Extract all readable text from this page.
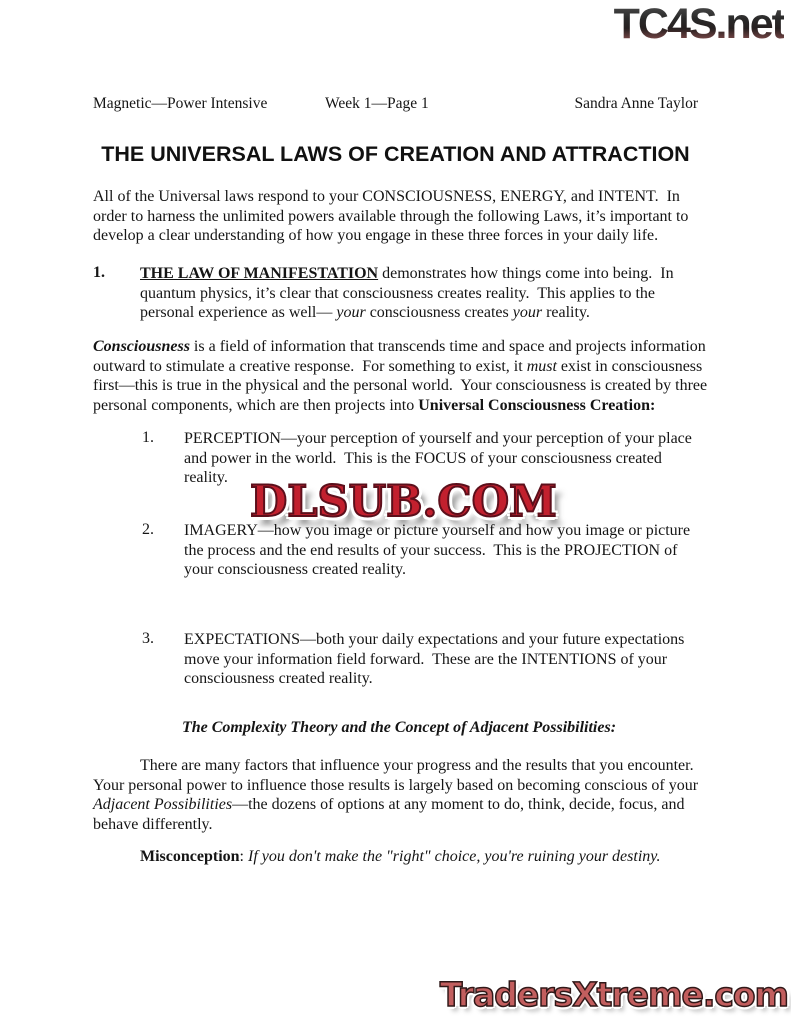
TC4S.net
Magnetic—Power Intensive	Week 1—Page 1	Sandra Anne Taylor
THE UNIVERSAL LAWS OF CREATION AND ATTRACTION

All of the Universal laws respond to your CONSCIOUSNESS, ENERGY, and INTENT.  In order to harness the unlimited powers available through the following Laws, it’s important to develop a clear understanding of how you engage in these three forces in your daily life.

THE LAW OF MANIFESTATION demonstrates how things come into being.  In quantum physics, it’s clear that consciousness creates reality.  This applies to the personal experience as well— your consciousness creates your reality.

1.

Consciousness is a field of information that transcends time and space and projects information outward to stimulate a creative response.  For something to exist, it must exist in consciousness first—this is true in the physical and the personal world.  Your consciousness is created by three personal components, which are then projects into Universal Consciousness Creation:

PERCEPTION—your perception of yourself and your perception of your place and power in the world.  This is the FOCUS of your consciousness created reality.

1.
DLSUB.COM

IMAGERY—how you image or picture yourself and how you image or picture the process and the end results of your success.  This is the PROJECTION of your consciousness created reality.

2.

EXPECTATIONS—both your daily expectations and your future expectations move your information field forward.  These are the INTENTIONS of your consciousness created reality.

3.
The Complexity Theory and the Concept of Adjacent Possibilities:

There are many factors that influence your progress and the results that you encounter.  Your personal power to influence those results is largely based on becoming conscious of your Adjacent Possibilities—the dozens of options at any moment to do, think, decide, focus, and behave differently.

Misconception: If you don't make the "right" choice, you're ruining your destiny.

TradersXtreme.com
